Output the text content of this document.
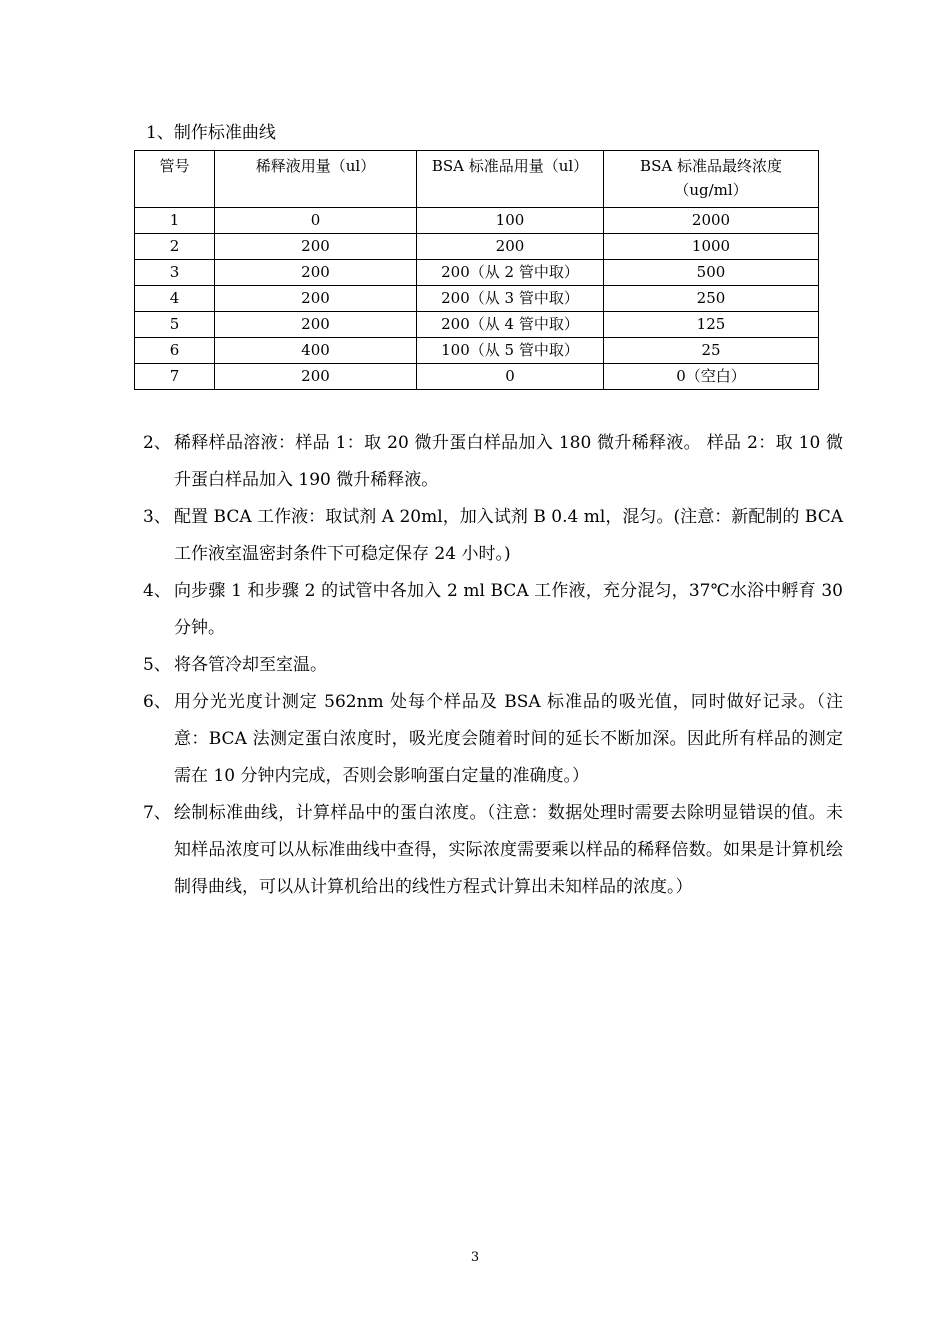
1、制作标准曲线

管号	稀释液用量（ul）	BSA 标准品用量（ul）	BSA 标准品最终浓度
（ug/ml）
1	0	100	2000
2	200	200	1000
3	200	200（从 2 管中取）	500
4	200	200（从 3 管中取）	250
5	200	200（从 4 管中取）	125
6	400	100（从 5 管中取）	25
7	200	0	0（空白）
2、 稀释样品溶液：样品 1：取 20 微升蛋白样品加入 180 微升稀释液。 样品 2：取 10 微升蛋白样品加入 190 微升稀释液。
3、 配置 BCA 工作液：取试剂 A 20ml，加入试剂 B 0.4 ml，混匀。(注意：新配制的 BCA 工作液室温密封条件下可稳定保存 24 小时。)
4、 向步骤 1 和步骤 2 的试管中各加入 2 ml BCA 工作液，充分混匀，37℃水浴中孵育 30 分钟。
5、 将各管冷却至室温。
6、 用分光光度计测定 562nm 处每个样品及 BSA 标准品的吸光值，同时做好记录。（注意：BCA 法测定蛋白浓度时，吸光度会随着时间的延长不断加深。因此所有样品的测定需在 10 分钟内完成，否则会影响蛋白定量的准确度。）
7、 绘制标准曲线，计算样品中的蛋白浓度。（注意：数据处理时需要去除明显错误的值。未知样品浓度可以从标准曲线中查得，实际浓度需要乘以样品的稀释倍数。如果是计算机绘制得曲线，可以从计算机给出的线性方程式计算出未知样品的浓度。）
3
